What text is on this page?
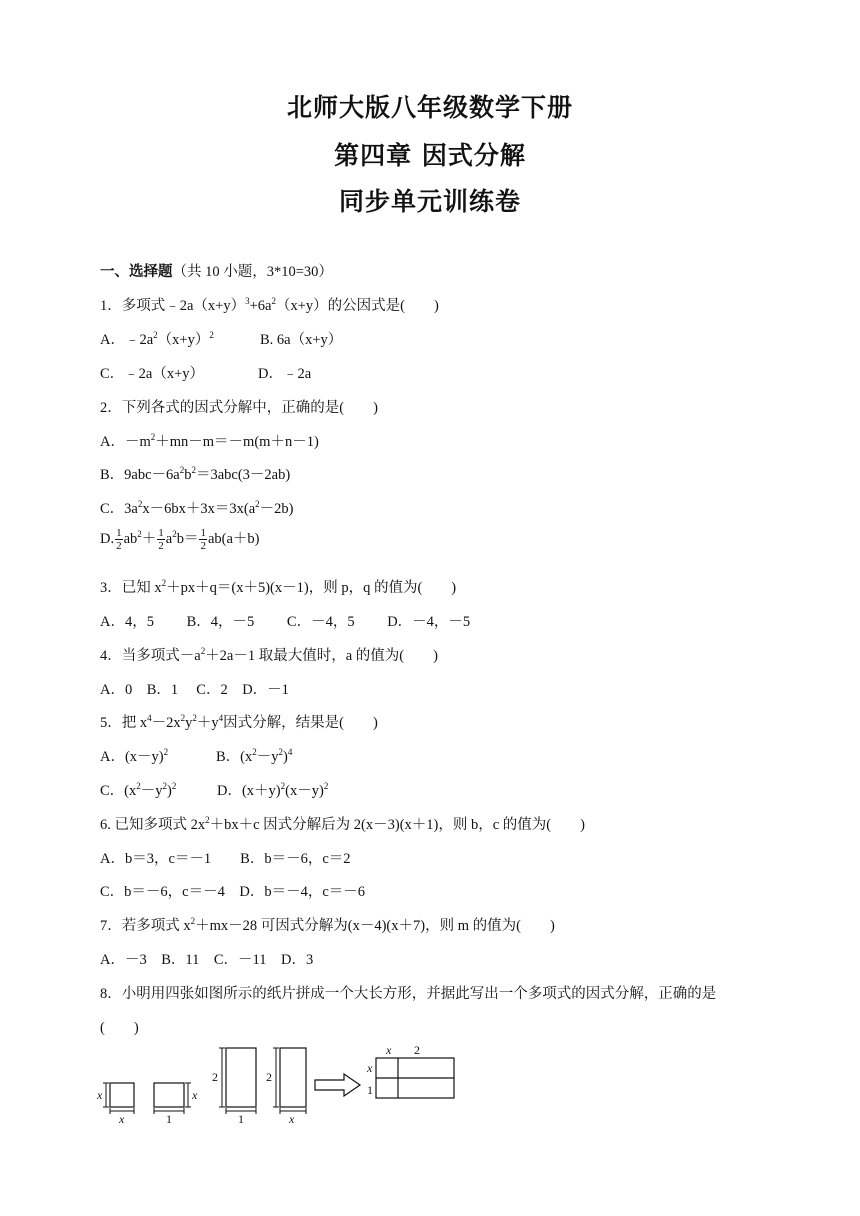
北师大版八年级数学下册
第四章 因式分解
同步单元训练卷
一、选择题（共 10 小题，3*10=30）
1．多项式$﹣2a(x+y)^3+6a^2(x+y)$的公因式是(　　)
A．$﹣2a^2(x+y)^2$	B. 6a（x+y）
C．﹣2a（x+y）	D．﹣2a
2．下列各式的因式分解中，正确的是(　　)
A．$-m^2+mn-m=-m(m+n-1)$
B．$9abc-6a^2b^2=3abc(3-2ab)$
C．$3a^2x-6bx+3x=3x(a^2-2b)$
D. $\frac{1}{2} ab^2+ \frac{1}{2} a^2b= \frac{1}{2} ab(a+b)$
3．已知 $x^2+px+q=(x+5)(x-1)$，则 p，q 的值为(　　)
A．4，5　　 B．4，－5　　 C．－4，5　　 D．－4，－5
4．当多项式$-a^2+2a-1$ 取最大值时，a 的值为(　　)
A．0　B．1　 C．2　D．－1
5．把 $x^4-2x^2y^2+y^4$因式分解，结果是(　　)
A．$(x-y)^2$	B．$(x^2-y^2)^4$
C．$(x^2-y^2)^2$	D．$(x+y)^2(x-y)^2$
6. 已知多项式 $2x^2+bx+c$ 因式分解后为 2(x－3)(x＋1)，则 b，c 的值为(　　)
A．b＝3，c＝－1　　B．b＝－6，c＝2
C．b＝－6，c＝－4　D．b＝－4，c＝－6
7．若多项式 $x^2+mx-28$ 可因式分解为(x－4)(x＋7)，则 m 的值为(　　)
A．－3　B．11　C．－11　D．3
8．小明用四张如图所示的纸片拼成一个大长方形，并据此写出一个多项式的因式分解，正确的是
(　　)
x
x
x
1
2
1
2
x
x 2
x
1
